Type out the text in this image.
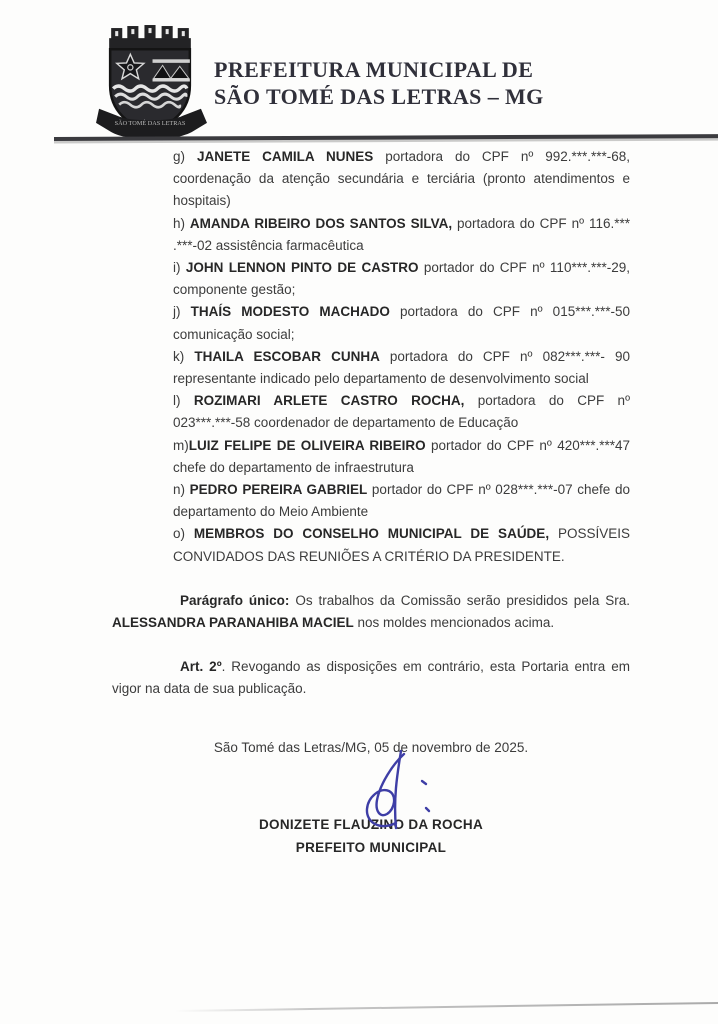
SÃO TOMÉ DAS LETRAS
PREFEITURA MUNICIPAL DE
SÃO TOMÉ DAS LETRAS – MG

g) JANETE CAMILA NUNES portadora do CPF nº 992.***.***-68, coordenação da atenção secundária e terciária (pronto atendimentos e hospitais)

h) AMANDA RIBEIRO DOS SANTOS SILVA, portadora do CPF nº 116.*** .***-02 assistência farmacêutica

i) JOHN LENNON PINTO DE CASTRO portador do CPF nº 110***.***-29, componente gestão;

j) THAÍS MODESTO MACHADO portadora do CPF nº 015***.***-50 comunicação social;

k) THAILA ESCOBAR CUNHA portadora do CPF nº 082***.***- 90 representante indicado pelo departamento de desenvolvimento social

l) ROZIMARI ARLETE CASTRO ROCHA, portadora do CPF nº 023***.***-58 coordenador de departamento de Educação

m)LUIZ FELIPE DE OLIVEIRA RIBEIRO portador do CPF nº 420***.***47 chefe do departamento de infraestrutura

n) PEDRO PEREIRA GABRIEL portador do CPF nº 028***.***-07 chefe do departamento do Meio Ambiente

o) MEMBROS DO CONSELHO MUNICIPAL DE SAÚDE, POSSÍVEIS CONVIDADOS DAS REUNIÕES A CRITÉRIO DA PRESIDENTE.

Parágrafo único: Os trabalhos da Comissão serão presididos pela Sra. ALESSANDRA PARANAHIBA MACIEL nos moldes mencionados acima.

Art. 2º. Revogando as disposições em contrário, esta Portaria entra em vigor na data de sua publicação.

São Tomé das Letras/MG, 05 de novembro de 2025.

DONIZETE FLAUZINO DA ROCHA

PREFEITO MUNICIPAL
